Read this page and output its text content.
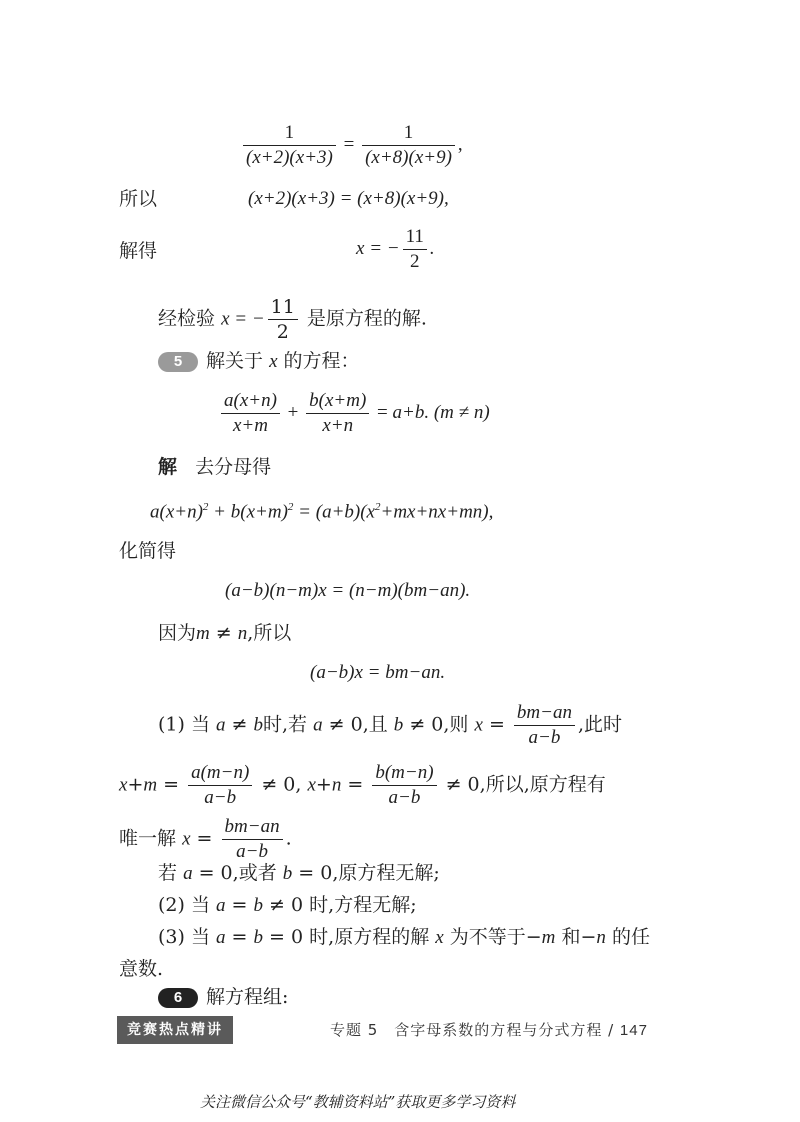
$\frac{1}{(x+2)(x+3)} = \frac{1}{(x+8)(x+9)}$ ,
所以	(x+2)(x+3) = (x+8)(x+9),
解得	x = − $\frac{11}{2}$ .
经检验 x = − $\frac{11}{2}$ 是原方程的解.
5 解关于 x 的方程：
$\frac{a(x+n)}{x+m} + \frac{b(x+m)}{x+n} = a+b$. (m ≠ n)
解 去分母得
$a(x+n)^2 + b(x+m)^2 = (a+b)(x^2+mx+nx+mn)$,
化简得
(a−b)(n−m)x = (n−m)(bm−an).
因为m ≠ n,所以
(a−b)x = bm−an.
(1) 当 a ≠ b时,若 a ≠ 0,且 b ≠ 0,则 $x = \frac{bm-an}{a-b}$ ,此时
$x+m = \frac{a(m-n)}{a-b} \ne 0$, $x+n = \frac{b(m-n)}{a-b} \ne 0$,所以,原方程有
唯一解 $x = \frac{bm-an}{a-b}$ .
若 a = 0,或者 b = 0,原方程无解;
(2) 当 a = b ≠ 0 时,方程无解;
(3) 当 a = b = 0 时,原方程的解 x 为不等于−m 和−n 的任
意数.
6 解方程组:
竞赛热点精讲	专题 5　含字母系数的方程与分式方程 / 147
关注微信公众号“教辅资料站”获取更多学习资料
